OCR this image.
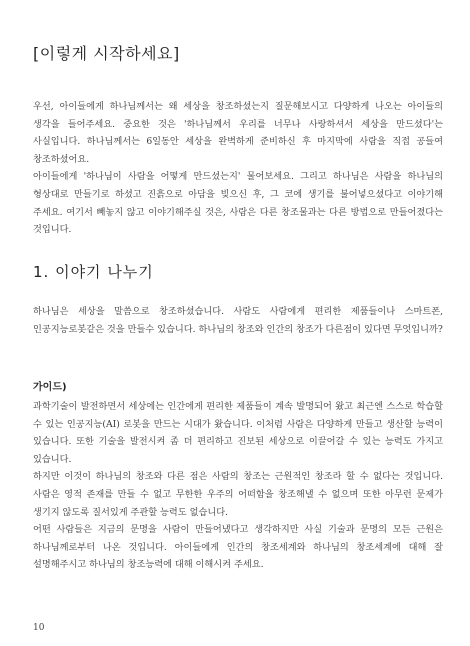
[이렇게 시작하세요]

우선, 아이들에게 하나님께서는 왜 세상을 창조하셨는지 질문해보시고 다양하게 나오는 아이들의 생각을 들어주세요. 중요한 것은 '하나님께서 우리를 너무나 사랑하셔서 세상을 만드셨다'는 사실입니다. 하나님께서는 6일동안 세상을 완벽하게 준비하신 후 마지막에 사람을 직접 공들여 창조하셨어요.

아이들에게 '하나님이 사람을 어떻게 만드셨는지' 물어보세요. 그리고 하나님은 사람을 하나님의 형상대로 만들기로 하셨고 진흙으로 아담을 빚으신 후, 그 코에 생기를 불어넣으셨다고 이야기해 주세요. 여기서 빼놓지 않고 이야기해주실 것은, 사람은 다른 창조물과는 다른 방법으로 만들어졌다는 것입니다.

1. 이야기 나누기

하나님은 세상을 말씀으로 창조하셨습니다. 사람도 사람에게 편리한 제품들이나 스마트폰, 인공지능로봇같은 것을 만들수 있습니다. 하나님의 창조와 인간의 창조가 다른점이 있다면 무엇입니까?

가이드)

과학기술이 발전하면서 세상에는 인간에게 편리한 제품들이 계속 발명되어 왔고 최근엔 스스로 학습할 수 있는 인공지능(AI) 로봇을 만드는 시대가 왔습니다. 이처럼 사람은 다양하게 만들고 생산할 능력이 있습니다. 또한 기술을 발전시켜 좀 더 편리하고 진보된 세상으로 이끌어갈 수 있는 능력도 가지고 있습니다.

하지만 이것이 하나님의 창조와 다른 점은 사람의 창조는 근원적인 창조라 할 수 없다는 것입니다. 사람은 영적 존재를 만들 수 없고 무한한 우주의 어떠함을 창조해낼 수 없으며 또한 아무런 문제가 생기지 않도록 질서있게 주관할 능력도 없습니다.

어떤 사람들은 지금의 문명을 사람이 만들어냈다고 생각하지만 사실 기술과 문명의 모든 근원은 하나님께로부터 나온 것입니다. 아이들에게 인간의 창조세계와 하나님의 창조세계에 대해 잘 설명해주시고 하나님의 창조능력에 대해 이해시켜 주세요.

10
